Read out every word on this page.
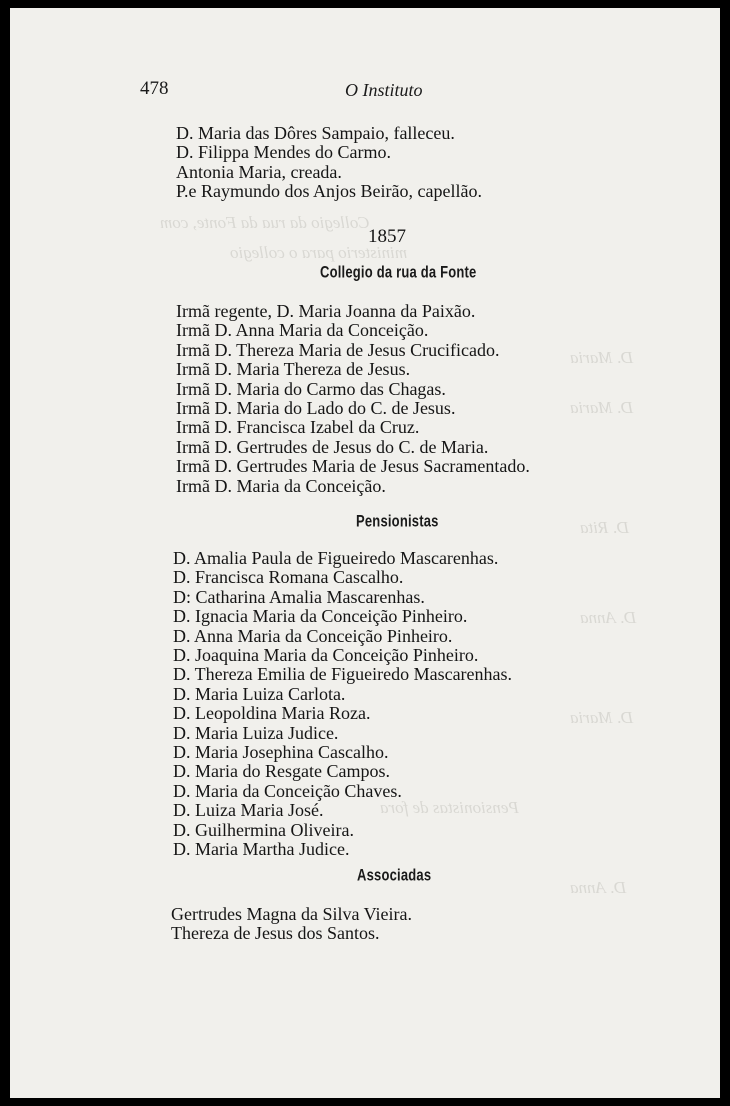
Collegio da rua da Fonte, com
ministerio para o collegio
D. Maria
D. Maria
D. Rita
D. Anna
D. Maria
Pensionistas de fora
D. Anna
478	O Instituto
D. Maria das Dôres Sampaio, falleceu.
D. Filippa Mendes do Carmo.
Antonia Maria, creada.
P.e Raymundo dos Anjos Beirão, capellão.
1857
Collegio da rua da Fonte
Irmã regente, D. Maria Joanna da Paixão.
Irmã D. Anna Maria da Conceição.
Irmã D. Thereza Maria de Jesus Crucificado.
Irmã D. Maria Thereza de Jesus.
Irmã D. Maria do Carmo das Chagas.
Irmã D. Maria do Lado do C. de Jesus.
Irmã D. Francisca Izabel da Cruz.
Irmã D. Gertrudes de Jesus do C. de Maria.
Irmã D. Gertrudes Maria de Jesus Sacramentado.
Irmã D. Maria da Conceição.
Pensionistas
D. Amalia Paula de Figueiredo Mascarenhas.
D. Francisca Romana Cascalho.
D: Catharina Amalia Mascarenhas.
D. Ignacia Maria da Conceição Pinheiro.
D. Anna Maria da Conceição Pinheiro.
D. Joaquina Maria da Conceição Pinheiro.
D. Thereza Emilia de Figueiredo Mascarenhas.
D. Maria Luiza Carlota.
D. Leopoldina Maria Roza.
D. Maria Luiza Judice.
D. Maria Josephina Cascalho.
D. Maria do Resgate Campos.
D. Maria da Conceição Chaves.
D. Luiza Maria José.
D. Guilhermina Oliveira.
D. Maria Martha Judice.
Associadas
Gertrudes Magna da Silva Vieira.
Thereza de Jesus dos Santos.
